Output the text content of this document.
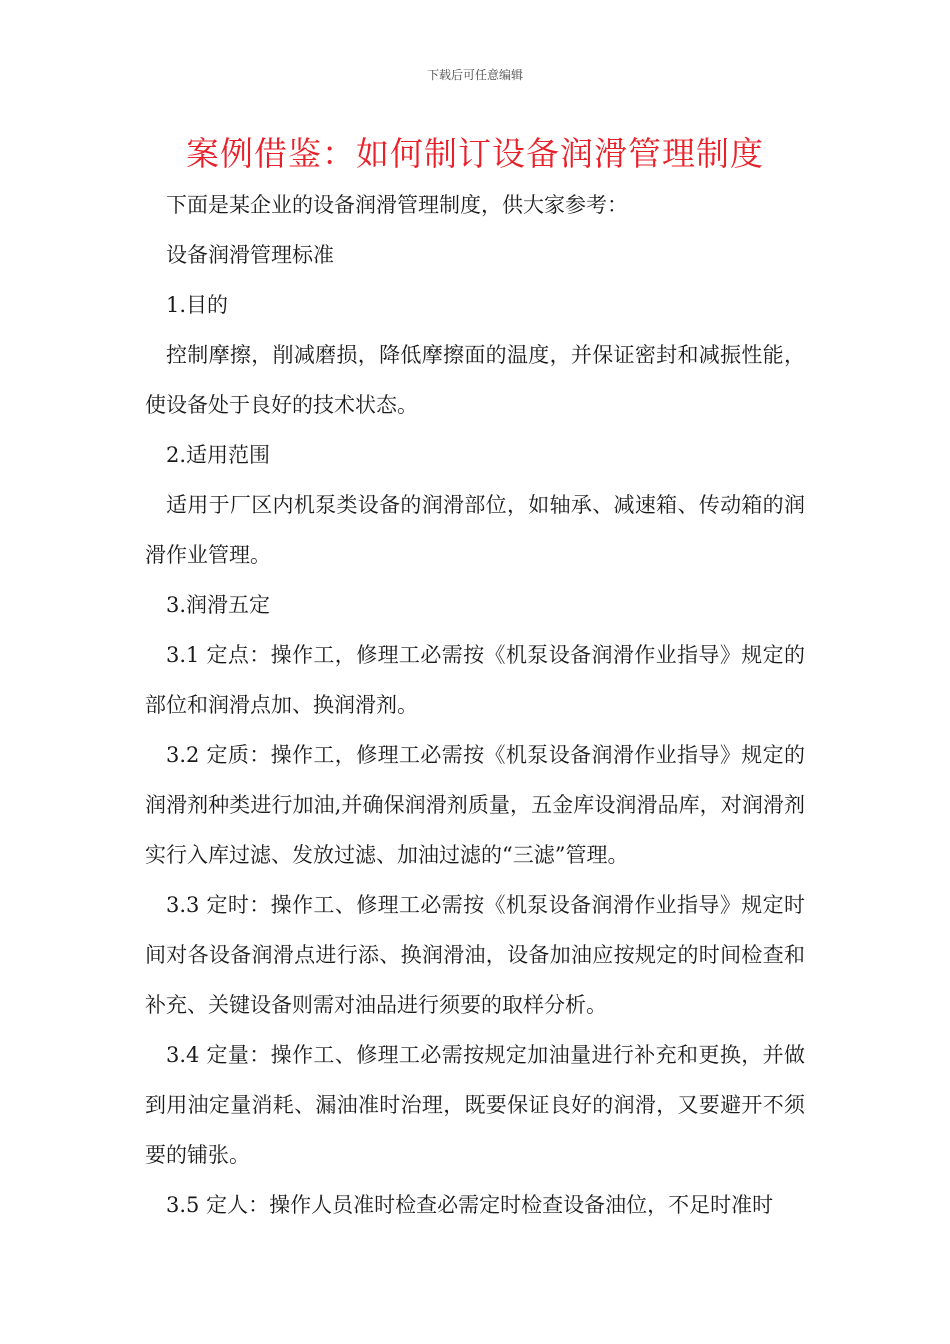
下载后可任意编辑
案例借鉴：如何制订设备润滑管理制度

下面是某企业的设备润滑管理制度，供大家参考：

设备润滑管理标准

1.目的

控制摩擦，削减磨损，降低摩擦面的温度，并保证密封和减振性能，使设备处于良好的技术状态。

2.适用范围

适用于厂区内机泵类设备的润滑部位，如轴承、减速箱、传动箱的润滑作业管理。

3.润滑五定

3.1 定点：操作工，修理工必需按《机泵设备润滑作业指导》规定的部位和润滑点加、换润滑剂。

3.2 定质：操作工，修理工必需按《机泵设备润滑作业指导》规定的润滑剂种类进行加油,并确保润滑剂质量，五金库设润滑品库，对润滑剂实行入库过滤、发放过滤、加油过滤的“三滤”管理。

3.3 定时：操作工、修理工必需按《机泵设备润滑作业指导》规定时间对各设备润滑点进行添、换润滑油，设备加油应按规定的时间检查和补充、关键设备则需对油品进行须要的取样分析。

3.4 定量：操作工、修理工必需按规定加油量进行补充和更换，并做到用油定量消耗、漏油准时治理，既要保证良好的润滑，又要避开不须要的铺张。

3.5 定人：操作人员准时检查必需定时检查设备油位，不足时准时
